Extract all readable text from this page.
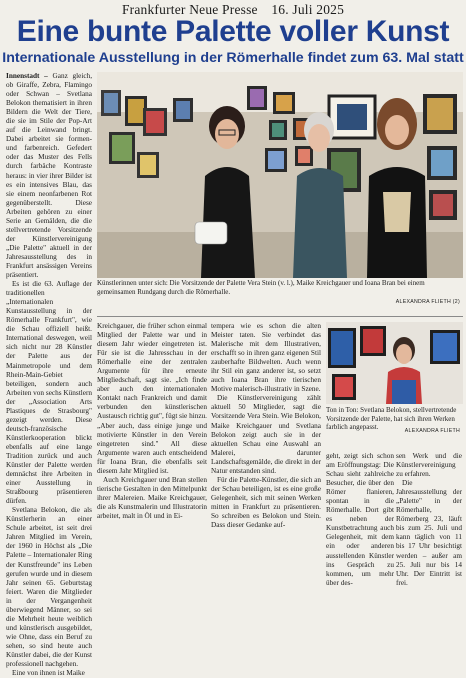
Frankfurter Neue Presse 16. Juli 2025
Eine bunte Palette voller Kunst
Internationale Ausstellung in der Römerhalle findet zum 63. Mal statt

Innenstadt – Ganz gleich, ob Giraffe, Zebra, Flamingo oder Schwan – Svetlana Belokon thematisiert in ihren Bildern die Welt der Tiere, die sie im Stile der Pop-Art auf die Leinwand bringt. Dabei arbeitet sie formen- und farbenreich. Gefedert oder das Muster des Fells durch farbäche Kontraste heraus: in vier ihrer Bilder ist es ein intensives Blau, das sie einem neonfarbenen Rot gegenüberstellt. Diese Arbeiten gehören zu einer Serie an Gemälden, die die stellvertretende Vorsitzende der Künstlervereinigung „Die Palette" aktuell in der Jahresausstellung des in Frankfurt ansässigen Vereins präsentiert.

Es ist die 63. Auflage der traditionellen „Internationalen Kunstausstellung in der Römerhalle Frankfurt", wie die Schau offiziell heißt. International deswegen, weil sich nicht nur 28 Künstler der Palette aus der Mainmetropole und dem Rhein-Main-Gebiet beteiligen, sondern auch Arbeiten von sechs Künstlern der „Association Arts Plastiques de Strasbourg" gezeigt werden. Diese deutsch-französische Künstlerkooperation blickt ebenfalls auf eine lange Tradition zurück und auch Künstler der Palette werden demnächst ihre Arbeiten in einer Ausstellung in Straßbourg präsentieren dürfen.

Svetlana Belokon, die als Künstlerherin an einer Schule arbeitet, ist seit drei Jahren Mitglied im Verein, der 1960 in Höchst als „Die Palette – Internationaler Ring der Kunstfreunde" ins Leben gerufen wurde und in diesem Jahr seinen 65. Geburtstag feiert. Waren die Mitglieder in der Vergangenheit überwiegend Männer, so sei die Mehrheit heute weiblich und künstlerisch ausgebildet, wie Ohne, dass ein Beruf zu sehen, so sind heute auch Künstler dabei, die der Kunst professionell nachgehen.

Eine von ihnen ist Maike

Künstlerinnen unter sich: Die Vorsitzende der Palette Vera Stein (v. l.), Maike Kreichgauer und Ioana Bran bei einem gemeinsamen Rundgang durch die Römerhalle.
ALEXANDRA FLIETH (2)

Kreichgauer, die früher schon einmal Mitglied der Palette war und in diesem Jahr wieder eingetreten ist. Für sie ist die Jahresschau in der Römerhalle eine der zentralen Argumente für ihre erneute Mitgliedschaft, sagt sie. „Ich finde aber auch den internationalen Kontakt nach Frankreich und damit verbunden den künstlerischen Austausch richtig gut", fügt sie hinzu. „Aber auch, dass einige junge und motivierte Künstler in den Verein eingetreten sind." All diese Argumente waren auch entscheidend für Ioana Bran, die ebenfalls seit diesem Jahr Mitglied ist.

Auch Kreichgauer und Bran stellen tierische Gestalten in den Mittelpunkt ihrer Malereien. Maike Kreichgauer, die als Kunstmalerin und Illustratorin arbeitet, malt in Öl und in Ei-

tempera wie es schon die alten Meister taten. Sie verbindet das Malerische mit dem Illustrativen, erschafft so in ihren ganz eigenen Stil zauberhafte Bildwelten. Auch wenn ihr Stil ein ganz anderer ist, so setzt auch Ioana Bran ihre tierischen Motive malerisch-illustrativ in Szene.

Die Künstlervereinigung zählt aktuell 50 Mitglieder, sagt die Vorsitzende Vera Stein. Wie Belokon, Maike Kreichgauer und Svetlana Belokon zeigt auch sie in der aktuellen Schau eine Auswahl an Malerei, darunter Landschaftsgemälde, die direkt in der Natur entstanden sind.

Für die Palette-Künstler, die sich an der Schau beteiligen, ist es eine große Gelegenheit, sich mit seinen Werken mitten in Frankfurt zu präsentieren. So schreiben es Belokon und Stein. Dass dieser Gedanke auf-

Ton in Ton: Svetlana Belokon, stellvertretende Vorsitzende der Palette, hat sich ihren Werken farblich angepasst.	ALEXANDRA FLIETH

geht, zeigt sich schon am Eröffnungstag: Die Schau sieht zahlreiche Besucher, die über den Römer flanieren, spontan in die Römerhalle. Dort gibt es neben der Kunstbetrachtung auch Gelegenheit, mit dem ein oder anderen ausstellenden Künstler ins Gespräch zu kommen, um mehr über des-

sen Werk und die Künstlervereinigung zu erfahren.

Die Jahresausstellung der „Palette" in der Römerhalle, Römerberg 23, läuft bis zum 25. Juli und kann täglich von 11 bis 17 Uhr besichtigt werden – außer am 25. Juli nur bis 14 Uhr. Der Eintritt ist frei.
